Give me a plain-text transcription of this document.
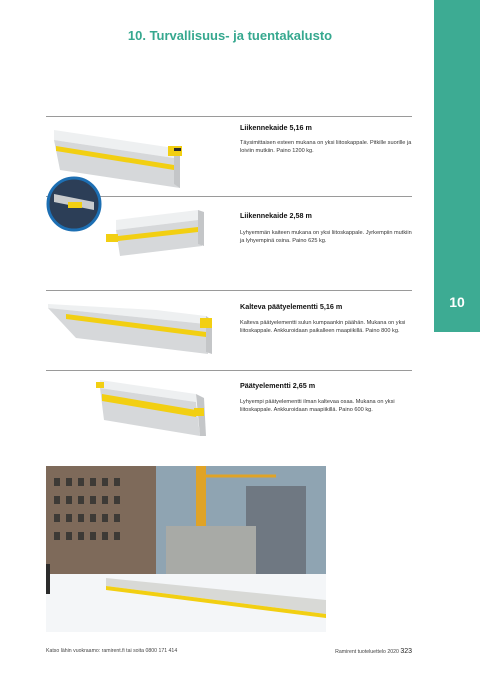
10
10. Turvallisuus- ja tuentakalusto
Liikennekaide 5,16 m
Täysimittaisen esteen mukana on yksi liitoskappale. Pitkille suorille ja loiviin mutkiin. Paino 1200 kg.
Liikennekaide 2,58 m
Lyhyemmän kaiteen mukana on yksi liitoskappale. Jyrkempiin mutkiin ja lyhyempinä osina. Paino 625 kg.
Kalteva päätyelementti 5,16 m
Kalteva päätyelementti sulun kumpaankin päähän. Mukana on yksi liitoskappale. Ankkuroidaan paikalleen maapiikillä. Paino 800 kg.
Päätyelementti 2,65 m
Lyhyempi päätyelementti ilman kaltevaa osaa. Mukana on yksi liitoskappale. Ankkuroidaan maapiikillä. Paino 600 kg.
Katso lähin vuokraamo: ramirent.fi tai soita 0800 171 414	Ramirent tuoteluettelo 2020 323
